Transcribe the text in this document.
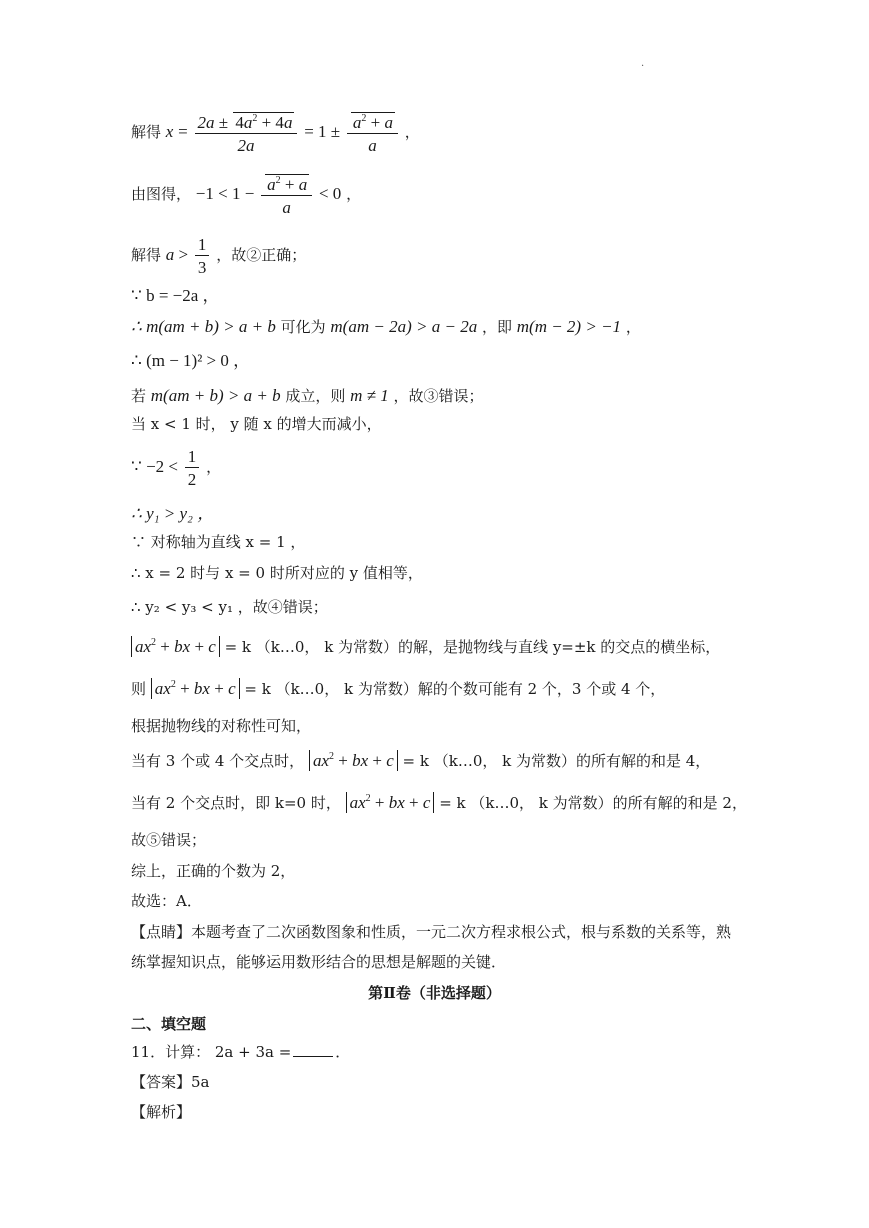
.
解得 $x = \frac{2a \pm 4a^2 + 4a}{2a} = 1 \pm \frac{a^2 + a}{a}$ ，
由图得， $-1 < 1 - \frac{a^2 + a}{a} < 0$ ，
解得 $a > \frac{1}{3}$ ，故②正确；
∵ b = −2a ，
∴ m(am + b) > a + b 可化为 m(am − 2a) > a − 2a ，即 m(m − 2) > −1 ，
∴ (m − 1)² > 0 ，
若 m(am + b) > a + b 成立，则 m ≠ 1 ，故③错误；
当 x < 1 时， y 随 x 的增大而减小，
∵ $-2 < \frac{1}{2}$ ，
∴ y₁ > y₂ ，
∵ 对称轴为直线 x = 1 ，
∴ x = 2 时与 x = 0 时所对应的 y 值相等，
∴ y₂ < y₃ < y₁ ，故④错误；
$ax^2$ + bx + c = k （k…0， k 为常数）的解，是抛物线与直线 y=±k 的交点的横坐标，
则 $ax^2$ + bx + c = k （k…0， k 为常数）解的个数可能有 2 个，3 个或 4 个，
根据抛物线的对称性可知，
当有 3 个或 4 个交点时， $ax^2$ + bx + c = k （k…0， k 为常数）的所有解的和是 4，
当有 2 个交点时，即 k=0 时， $ax^2$ + bx + c = k （k…0， k 为常数）的所有解的和是 2，
故⑤错误；
综上，正确的个数为 2，
故选：A．
【点睛】本题考查了二次函数图象和性质，一元二次方程求根公式，根与系数的关系等，熟
练掌握知识点，能够运用数形结合的思想是解题的关键．
第Ⅱ卷（非选择题）
二、填空题
11．计算： 2a + 3a =	．
【答案】5a
【解析】
